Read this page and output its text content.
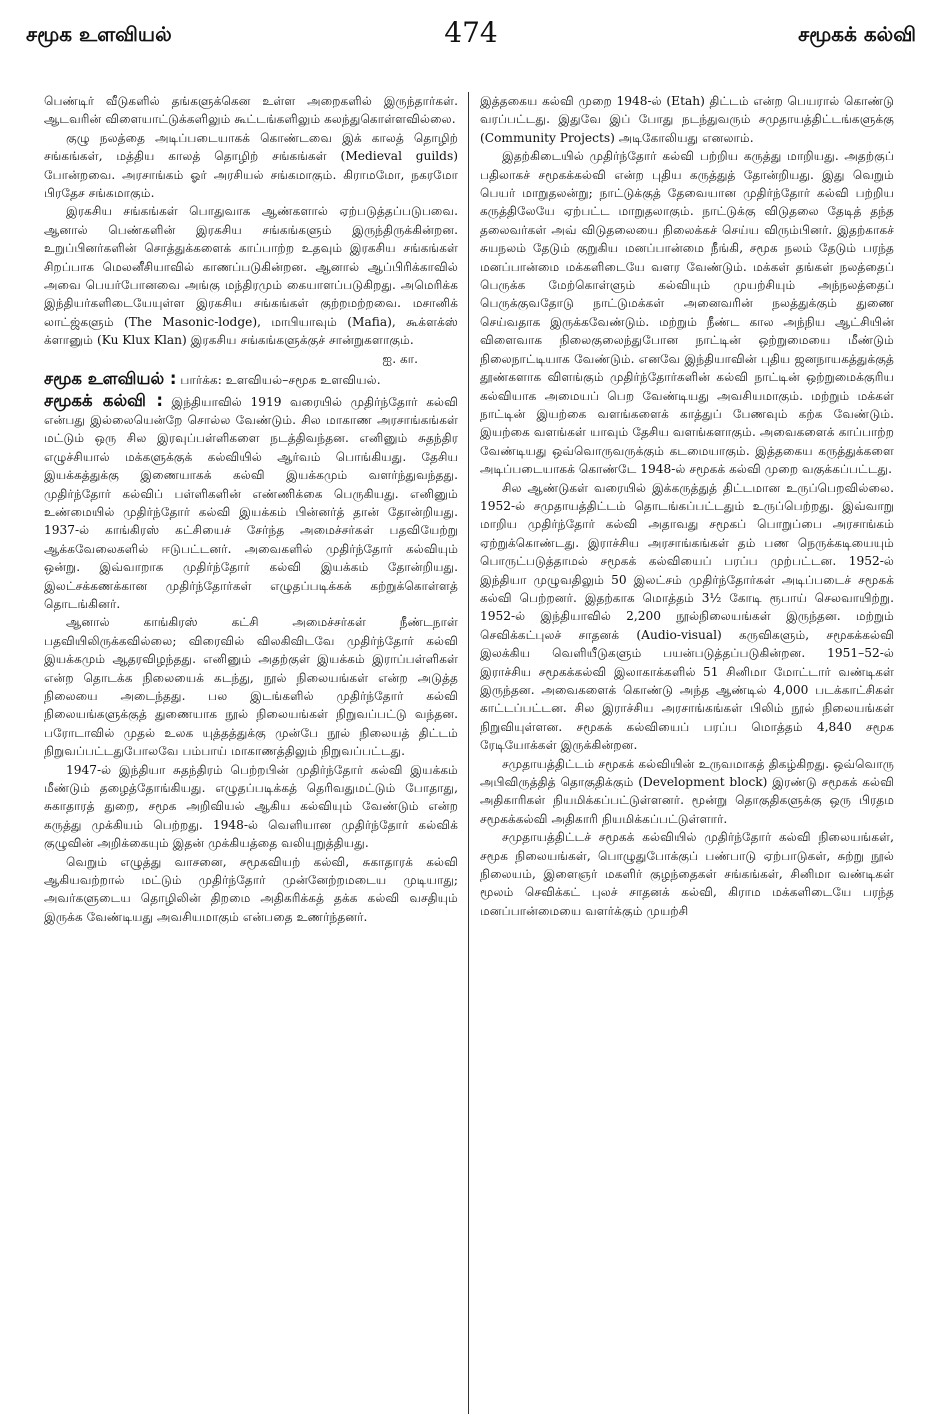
சமூக உளவியல்	474	சமூகக் கல்வி

பெண்டிர் வீடுகளில் தங்களுக்கென உள்ள அறைகளில் இருந்தார்கள். ஆடவரின் விளையாட்டுக்களிலும் கூட்டங்களிலும் கலந்துகொள்ளவில்லை.

குழு நலத்தை அடிப்படையாகக் கொண்டவை இக் காலத் தொழிற் சங்கங்கள், மத்திய காலத் தொழிற் சங்கங்கள் (Medieval guilds) போன்றவை. அரசாங்கம் ஓர் அரசியல் சங்கமாகும். கிராமமோ, நகரமோ பிரதேச சங்கமாகும்.

இரகசிய சங்கங்கள் பொதுவாக ஆண்களால் ஏற்படுத்தப்படுபவை. ஆனால் பெண்களின் இரகசிய சங்கங்களும் இருந்திருக்கின்றன. உறுப்பினர்களின் சொத்துக்களைக் காப்பாற்ற உதவும் இரகசிய சங்கங்கள் சிறப்பாக மெலனீசியாவில் காணப்படுகின்றன. ஆனால் ஆப்பிரிக்காவில் அவை பெயர்போனவை அங்கு மந்திரமும் கையாளப்படுகிறது. அமெரிக்க இந்தியர்களிடையேயுள்ள இரகசிய சங்கங்கள் குற்றமற்றவை. மசானிக் லாட்ஜ்களும் (The Masonic-lodge), மாபியாவும் (Mafia), கூக்ளக்ஸ் க்ளானும் (Ku Klux Klan) இரகசிய சங்கங்களுக்குச் சான்றுகளாகும்.

ஐ. கா.

சமூக உளவியல் : பார்க்க: உளவியல்–சமூக உளவியல்.

சமூகக் கல்வி : இந்தியாவில் 1919 வரையில் முதிர்ந்தோர் கல்வி என்பது இல்லையென்றே சொல்ல வேண்டும். சில மாகாண அரசாங்கங்கள் மட்டும் ஒரு சில இரவுப்பள்ளிகளை நடத்திவந்தன. எனினும் சுதந்திர எழுச்சியால் மக்களுக்குக் கல்வியில் ஆர்வம் பொங்கியது. தேசிய இயக்கத்துக்கு இணையாகக் கல்வி இயக்கமும் வளர்ந்துவந்தது. முதிர்ந்தோர் கல்விப் பள்ளிகளின் எண்ணிக்கை பெருகியது. எனினும் உண்மையில் முதிர்ந்தோர் கல்வி இயக்கம் பின்னர்த் தான் தோன்றியது. 1937-ல் காங்கிரஸ் கட்சியைச் சேர்ந்த அமைச்சர்கள் பதவியேற்று ஆக்கவேலைகளில் ஈடுபட்டனர். அவைகளில் முதிர்ந்தோர் கல்வியும் ஒன்று. இவ்வாறாக முதிர்ந்தோர் கல்வி இயக்கம் தோன்றியது. இலட்சக்கணக்கான முதிர்ந்தோர்கள் எழுதப்படிக்கக் கற்றுக்கொள்ளத் தொடங்கினர்.

ஆனால் காங்கிரஸ் கட்சி அமைச்சர்கள் நீண்டநாள் பதவியிலிருக்கவில்லை; விரைவில் விலகிவிடவே முதிர்ந்தோர் கல்வி இயக்கமும் ஆதரவிழந்தது. எனினும் அதற்குள் இயக்கம் இராப்பள்ளிகள் என்ற தொடக்க நிலையைக் கடந்து, நூல் நிலையங்கள் என்ற அடுத்த நிலையை அடைந்தது. பல இடங்களில் முதிர்ந்தோர் கல்வி நிலையங்களுக்குத் துணையாக நூல் நிலையங்கள் நிறுவப்பட்டு வந்தன. பரோடாவில் முதல் உலக யுத்தத்துக்கு முன்பே நூல் நிலையத் திட்டம் நிறுவப்பட்டதுபோலவே பம்பாய் மாகாணத்திலும் நிறுவப்பட்டது.

1947-ல் இந்தியா சுதந்திரம் பெற்றபின் முதிர்ந்தோர் கல்வி இயக்கம் மீண்டும் தழைத்தோங்கியது. எழுதப்படிக்கத் தெரிவதுமட்டும் போதாது, சுகாதாரத் துறை, சமூக அறிவியல் ஆகிய கல்வியும் வேண்டும் என்ற கருத்து முக்கியம் பெற்றது. 1948-ல் வெளியான முதிர்ந்தோர் கல்விக் குழுவின் அறிக்கையும் இதன் முக்கியத்தை வலியுறுத்தியது.

வெறும் எழுத்து வாசனை, சமூகவியற் கல்வி, சுகாதாரக் கல்வி ஆகியவற்றால் மட்டும் முதிர்ந்தோர் முன்னேற்றமடைய முடியாது; அவர்களுடைய தொழிலின் திறமை அதிகரிக்கத் தக்க கல்வி வசதியும் இருக்க வேண்டியது அவசியமாகும் என்பதை உணர்ந்தனர்.

இத்தகைய கல்வி முறை 1948-ல் (Etah) திட்டம் என்ற பெயரால் கொண்டு வரப்பட்டது. இதுவே இப் போது நடந்துவரும் சமுதாயத்திட்டங்களுக்கு (Community Projects) அடிகோலியது எனலாம்.

இதற்கிடையில் முதிர்ந்தோர் கல்வி பற்றிய கருத்து மாறியது. அதற்குப் பதிலாகச் சமூகக்கல்வி என்ற புதிய கருத்துத் தோன்றியது. இது வெறும் பெயர் மாறுதலன்று; நாட்டுக்குத் தேவையான முதிர்ந்தோர் கல்வி பற்றிய கருத்திலேயே ஏற்பட்ட மாறுதலாகும். நாட்டுக்கு விடுதலை தேடித் தந்த தலைவர்கள் அவ் விடுதலையை நிலைக்கச் செய்ய விரும்பினர். இதற்காகச் சுயநலம் தேடும் குறுகிய மனப்பான்மை நீங்கி, சமூக நலம் தேடும் பரந்த மனப்பான்மை மக்களிடையே வளர வேண்டும். மக்கள் தங்கள் நலத்தைப் பெருக்க மேற்கொள்ளும் கல்வியும் முயற்சியும் அந்நலத்தைப் பெருக்குவதோடு நாட்டுமக்கள் அனைவரின் நலத்துக்கும் துணை செய்வதாக இருக்கவேண்டும். மற்றும் நீண்ட கால அந்நிய ஆட்சியின் விளைவாக நிலைகுலைந்துபோன நாட்டின் ஒற்றுமையை மீண்டும் நிலைநாட்டியாக வேண்டும். எனவே இந்தியாவின் புதிய ஜனநாயகத்துக்குத் தூண்களாக விளங்கும் முதிர்ந்தோர்களின் கல்வி நாட்டின் ஒற்றுமைக்குரிய கல்வியாக அமையப் பெற வேண்டியது அவசியமாகும். மற்றும் மக்கள் நாட்டின் இயற்கை வளங்களைக் காத்துப் பேணவும் கற்க வேண்டும். இயற்கை வளங்கள் யாவும் தேசிய வளங்களாகும். அவைகளைக் காப்பாற்ற வேண்டியது ஒவ்வொருவருக்கும் கடமையாகும். இத்தகைய கருத்துக்களை அடிப்படையாகக் கொண்டே 1948-ல் சமூகக் கல்வி முறை வகுக்கப்பட்டது.

சில ஆண்டுகள் வரையில் இக்கருத்துத் திட்டமான உருப்பெறவில்லை. 1952-ல் சமுதாயத்திட்டம் தொடங்கப்பட்டதும் உருப்பெற்றது. இவ்வாறு மாறிய முதிர்ந்தோர் கல்வி அதாவது சமூகப் பொறுப்பை அரசாங்கம் ஏற்றுக்கொண்டது. இராச்சிய அரசாங்கங்கள் தம் பண நெருக்கடியையும் பொருட்படுத்தாமல் சமூகக் கல்வியைப் பரப்ப முற்பட்டன. 1952-ல் இந்தியா முழுவதிலும் 50 இலட்சம் முதிர்ந்தோர்கள் அடிப்படைச் சமூகக் கல்வி பெற்றனர். இதற்காக மொத்தம் 3½ கோடி ரூபாய் செலவாயிற்று. 1952-ல் இந்தியாவில் 2,200 நூல்நிலையங்கள் இருந்தன. மற்றும் செவிக்கட்புலச் சாதனக் (Audio-visual) கருவிகளும், சமூகக்கல்வி இலக்கிய வெளியீடுகளும் பயன்படுத்தப்படுகின்றன. 1951–52-ல் இராச்சிய சமூகக்கல்வி இலாகாக்களில் 51 சினிமா மோட்டார் வண்டிகள் இருந்தன. அவைகளைக் கொண்டு அந்த ஆண்டில் 4,000 படக்காட்சிகள் காட்டப்பட்டன. சில இராச்சிய அரசாங்கங்கள் பிலிம் நூல் நிலையங்கள் நிறுவியுள்ளன. சமூகக் கல்வியைப் பரப்ப மொத்தம் 4,840 சமூக ரேடியோக்கள் இருக்கின்றன.

சமுதாயத்திட்டம் சமூகக் கல்வியின் உருவமாகத் திகழ்கிறது. ஒவ்வொரு அபிவிருத்தித் தொகுதிக்கும் (Development block) இரண்டு சமூகக் கல்வி அதிகாரிகள் நியமிக்கப்பட்டுள்ளனர். மூன்று தொகுதிகளுக்கு ஒரு பிரதம சமூகக்கல்வி அதிகாரி நியமிக்கப்பட்டுள்ளார்.

சமுதாயத்திட்டச் சமூகக் கல்வியில் முதிர்ந்தோர் கல்வி நிலையங்கள், சமூக நிலையங்கள், பொழுதுபோக்குப் பண்பாடு ஏற்பாடுகள், சுற்று நூல் நிலையம், இளைஞர் மகளிர் குழந்தைகள் சங்கங்கள், சினிமா வண்டிகள் மூலம் செவிக்கட் புலச் சாதனக் கல்வி, கிராம மக்களிடையே பரந்த மனப்பான்மையை வளர்க்கும் முயற்சி
